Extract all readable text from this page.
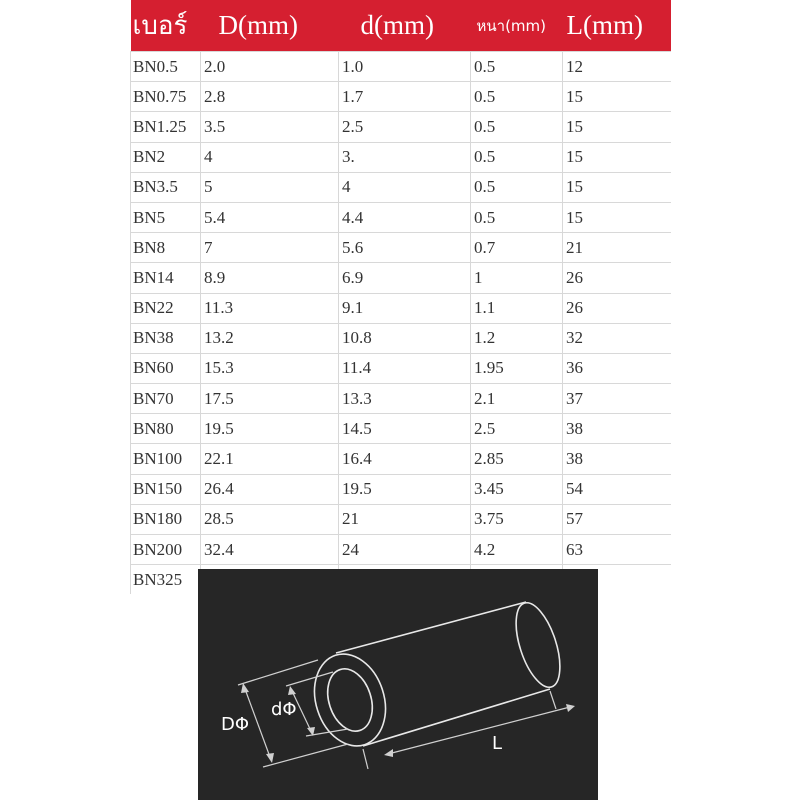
เบอร์	D(mm)	d(mm)	หนา(mm)	L(mm)
BN0.5	2.0	1.0	0.5	12
BN0.75	2.8	1.7	0.5	15
BN1.25	3.5	2.5	0.5	15
BN2	4	3.	0.5	15
BN3.5	5	4	0.5	15
BN5	5.4	4.4	0.5	15
BN8	7	5.6	0.7	21
BN14	8.9	6.9	1	26
BN22	11.3	9.1	1.1	26
BN38	13.2	10.8	1.2	32
BN60	15.3	11.4	1.95	36
BN70	17.5	13.3	2.1	37
BN80	19.5	14.5	2.5	38
BN100	22.1	16.4	2.85	38
BN150	26.4	19.5	3.45	54
BN180	28.5	21	3.75	57
BN200	32.4	24	4.2	63
BN325				
DΦ
dΦ
L
